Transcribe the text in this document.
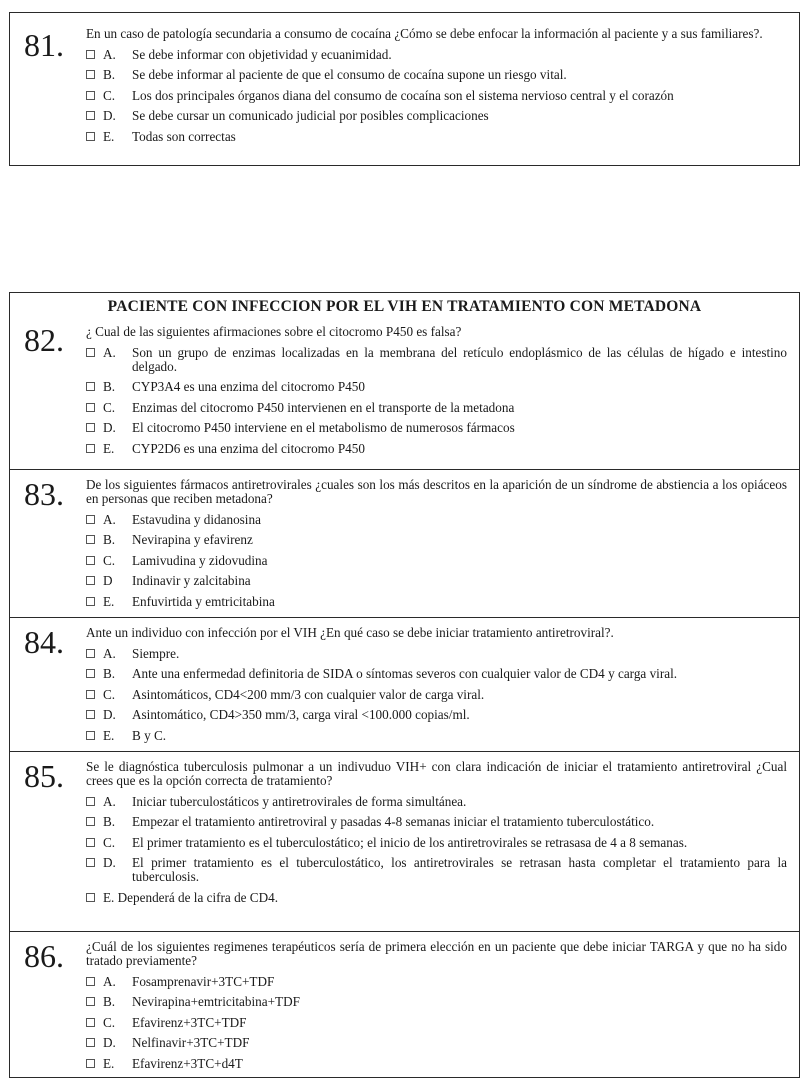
81. En un caso de patología secundaria a consumo de cocaína ¿Cómo se debe enfocar la información al paciente y a sus familiares?.
A. Se debe informar con objetividad y ecuanimidad.
B. Se debe informar al paciente de que el consumo de cocaína supone un riesgo vital.
C. Los dos principales órganos diana del consumo de cocaína son el sistema nervioso central y el corazón
D. Se debe cursar un comunicado judicial por posibles complicaciones
E. Todas son correctas
PACIENTE CON INFECCION POR EL VIH EN TRATAMIENTO CON METADONA
82. ¿ Cual de las siguientes afirmaciones sobre el citocromo P450 es falsa?
A. Son un grupo de enzimas localizadas en la membrana del retículo endoplásmico de las células de hígado e intestino delgado.
B. CYP3A4 es una enzima del citocromo P450
C. Enzimas del citocromo P450 intervienen en el transporte de la metadona
D. El citocromo P450 interviene en el metabolismo de numerosos fármacos
E. CYP2D6 es una enzima del citocromo P450
83. De los siguientes fármacos antiretrovirales ¿cuales son los más descritos en la aparición de un síndrome de abstiencia a los opiáceos en personas que reciben metadona?
A. Estavudina y didanosina
B. Nevirapina y efavirenz
C. Lamivudina y zidovudina
D Indinavir y zalcitabina
E. Enfuvirtida y emtricitabina
84. Ante un individuo con infección por el VIH ¿En qué caso se debe iniciar tratamiento antiretroviral?.
A. Siempre.
B. Ante una enfermedad definitoria de SIDA o síntomas severos con cualquier valor de CD4 y carga viral.
C. Asintomáticos, CD4<200 mm/3 con cualquier valor de carga viral.
D. Asintomático, CD4>350 mm/3, carga viral <100.000 copias/ml.
E. B y C.
85. Se le diagnóstica tuberculosis pulmonar a un indivuduo VIH+ con clara indicación de iniciar el tratamiento antiretroviral ¿Cual crees que es la opción correcta de tratamiento?
A. Iniciar tuberculostáticos y antiretrovirales de forma simultánea.
B. Empezar el tratamiento antiretroviral y pasadas 4-8 semanas iniciar el tratamiento tuberculostático.
C. El primer tratamiento es el tuberculostático; el inicio de los antiretrovirales se retrasasa de 4 a 8 semanas.
D. El primer tratamiento es el tuberculostático, los antiretrovirales se retrasan hasta completar el tratamiento para la tuberculosis.
E. Dependerá de la cifra de CD4.
86. ¿Cuál de los siguientes regimenes terapéuticos sería de primera elección en un paciente que debe iniciar TARGA y que no ha sido tratado previamente?
A. Fosamprenavir+3TC+TDF
B. Nevirapina+emtricitabina+TDF
C. Efavirenz+3TC+TDF
D. Nelfinavir+3TC+TDF
E. Efavirenz+3TC+d4T
